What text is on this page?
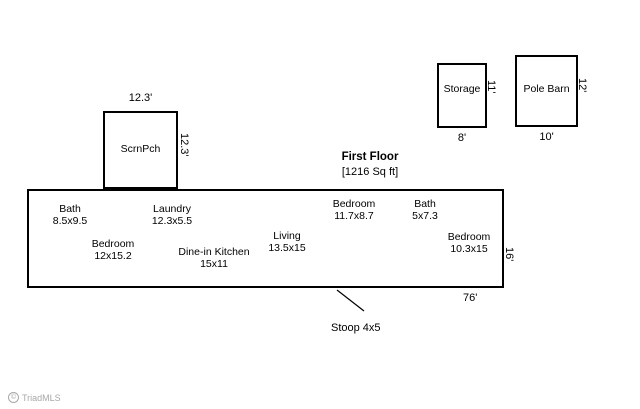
ScrnPch
12.3'
12.3'
Storage
8'
11'	Pole Barn
10'
12'
First Floor
[1216 Sq ft]
Bath
8.5x9.5
Bedroom
12x15.2
Laundry
12.3x5.5
Dine-in Kitchen
15x11
Living
13.5x15
Bedroom
11.7x8.7
Bath
5x7.3
Bedroom
10.3x15
76'
16'
Stoop 4x5
© TriadMLS
